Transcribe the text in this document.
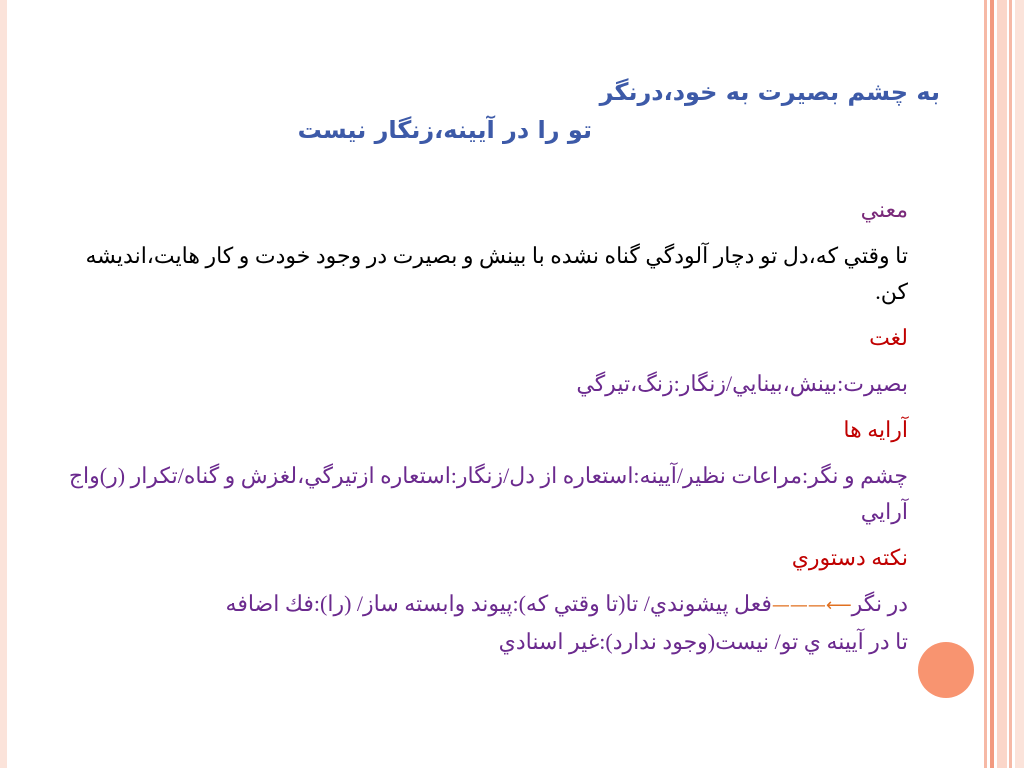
به چشم بصیرت به خود،درنگر
تو را در آیینه،زنگار نیست
معني
تا وقتي كه،دل تو دچار آلودگي گناه نشده با بينش و بصيرت در وجود خودت و كار هايت،انديشه كن.
لغت
بصيرت:بينش،بينايي/زنگار:زنگ،تيرگي
آرايه ها
چشم و نگر:مراعات نظير/آيينه:استعاره از دل/زنگار:استعاره ازتيرگي،لغزش و گناه/تكرار (ر)واج آرايي
نكته دستوري
در نگر⟵———فعل پيشوندي/ تا(تا وقتي كه):پيوند وابسته ساز/ (را):فك اضافه
تا در آيينه ي تو/ نيست(وجود ندارد):غير اسنادي
